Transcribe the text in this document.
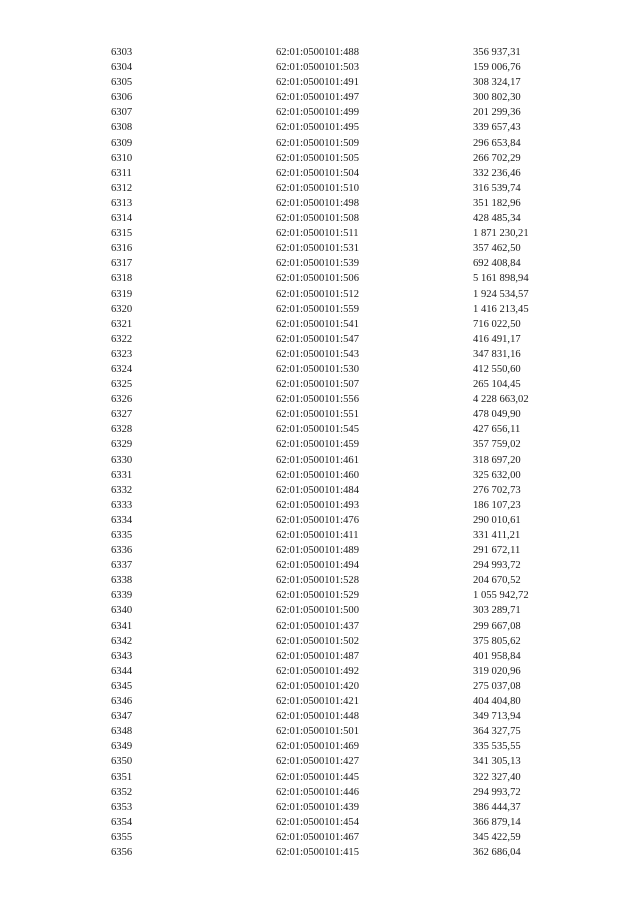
6303	62:01:0500101:488	356 937,31
6304	62:01:0500101:503	159 006,76
6305	62:01:0500101:491	308 324,17
6306	62:01:0500101:497	300 802,30
6307	62:01:0500101:499	201 299,36
6308	62:01:0500101:495	339 657,43
6309	62:01:0500101:509	296 653,84
6310	62:01:0500101:505	266 702,29
6311	62:01:0500101:504	332 236,46
6312	62:01:0500101:510	316 539,74
6313	62:01:0500101:498	351 182,96
6314	62:01:0500101:508	428 485,34
6315	62:01:0500101:511	1 871 230,21
6316	62:01:0500101:531	357 462,50
6317	62:01:0500101:539	692 408,84
6318	62:01:0500101:506	5 161 898,94
6319	62:01:0500101:512	1 924 534,57
6320	62:01:0500101:559	1 416 213,45
6321	62:01:0500101:541	716 022,50
6322	62:01:0500101:547	416 491,17
6323	62:01:0500101:543	347 831,16
6324	62:01:0500101:530	412 550,60
6325	62:01:0500101:507	265 104,45
6326	62:01:0500101:556	4 228 663,02
6327	62:01:0500101:551	478 049,90
6328	62:01:0500101:545	427 656,11
6329	62:01:0500101:459	357 759,02
6330	62:01:0500101:461	318 697,20
6331	62:01:0500101:460	325 632,00
6332	62:01:0500101:484	276 702,73
6333	62:01:0500101:493	186 107,23
6334	62:01:0500101:476	290 010,61
6335	62:01:0500101:411	331 411,21
6336	62:01:0500101:489	291 672,11
6337	62:01:0500101:494	294 993,72
6338	62:01:0500101:528	204 670,52
6339	62:01:0500101:529	1 055 942,72
6340	62:01:0500101:500	303 289,71
6341	62:01:0500101:437	299 667,08
6342	62:01:0500101:502	375 805,62
6343	62:01:0500101:487	401 958,84
6344	62:01:0500101:492	319 020,96
6345	62:01:0500101:420	275 037,08
6346	62:01:0500101:421	404 404,80
6347	62:01:0500101:448	349 713,94
6348	62:01:0500101:501	364 327,75
6349	62:01:0500101:469	335 535,55
6350	62:01:0500101:427	341 305,13
6351	62:01:0500101:445	322 327,40
6352	62:01:0500101:446	294 993,72
6353	62:01:0500101:439	386 444,37
6354	62:01:0500101:454	366 879,14
6355	62:01:0500101:467	345 422,59
6356	62:01:0500101:415	362 686,04
